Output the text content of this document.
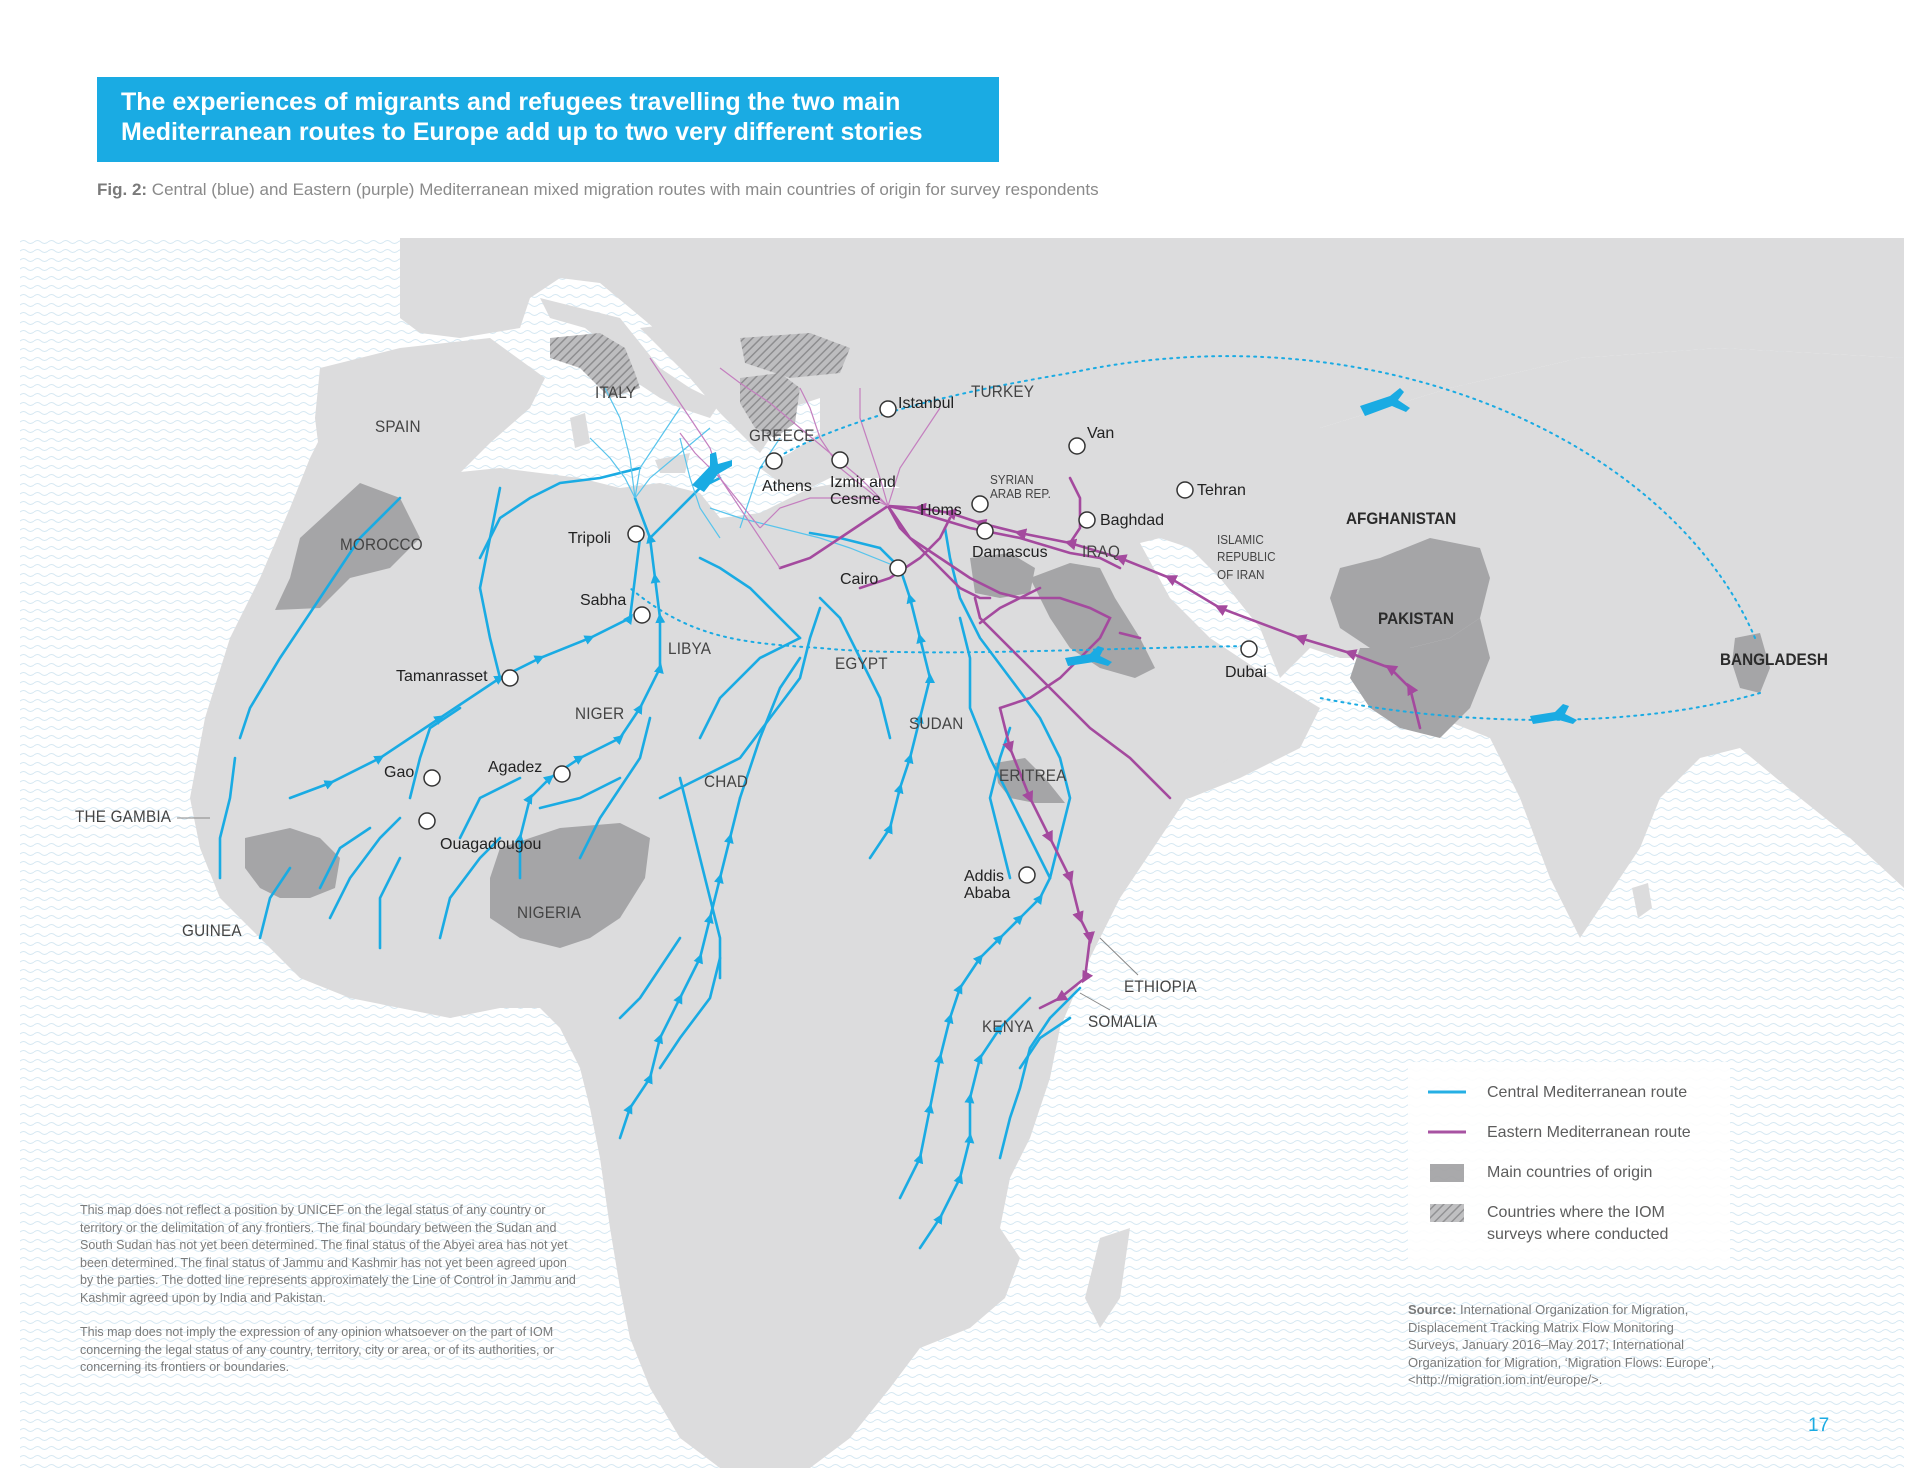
The experiences of migrants and refugees travelling the two main
Mediterranean routes to Europe add up to two very different stories
Fig. 2: Central (blue) and Eastern (purple) Mediterranean mixed migration routes with main countries of origin for survey respondents
SPAIN
ITALY
GREECE
TURKEY
MOROCCO
LIBYA
EGYPT
NIGER
CHAD
SUDAN
ERITREA
NIGERIA
THE GAMBIA
GUINEA
ETHIOPIA
SOMALIA
KENYA
SYRIAN
ARAB REP.
IRAQ
ISLAMIC
REPUBLIC
OF IRAN
AFGHANISTAN
PAKISTAN
BANGLADESH
Istanbul
Athens Izmir and
Cesme
Van
Homs
Tehran
Baghdad
Damascus
Tripoli
Cairo
Sabha
Tamanrasset	Dubai
Gao	Agadez
Ouagadougou
Addis
Ababa
Central Mediterranean route
Eastern Mediterranean route
Main countries of origin
Countries where the IOM
surveys where conducted

This map does not reflect a position by UNICEF on the legal status of any country or territory or the delimitation of any frontiers. The final boundary between the Sudan and South Sudan has not yet been determined. The final status of the Abyei area has not yet been determined. The final status of Jammu and Kashmir has not yet been agreed upon by the parties. The dotted line represents approximately the Line of Control in Jammu and Kashmir agreed upon by India and Pakistan.

This map does not imply the expression of any opinion whatsoever on the part of IOM concerning the legal status of any country, territory, city or area, or of its authorities, or concerning its frontiers or boundaries.

Source: International Organization for Migration, Displacement Tracking Matrix Flow Monitoring Surveys, January 2016–May 2017; International Organization for Migration, ‘Migration Flows: Europe’, <http://migration.iom.int/europe/>.
17
